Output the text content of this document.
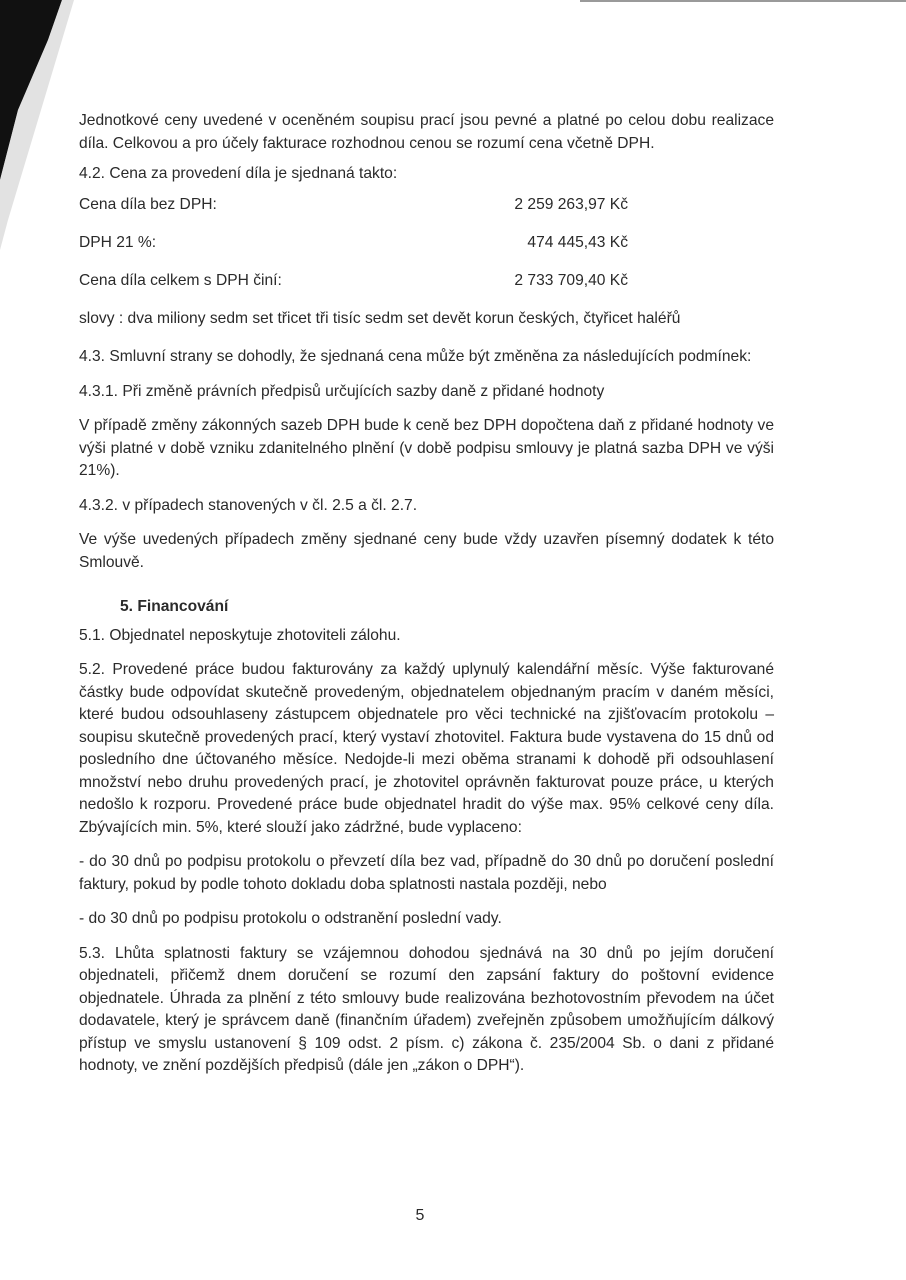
Jednotkové ceny uvedené v oceněném soupisu prací jsou pevné a platné po celou dobu realizace díla. Celkovou a pro účely fakturace rozhodnou cenou se rozumí cena včetně DPH.

4.2. Cena za provedení díla je sjednaná takto:

Cena díla bez DPH:	2 259 263,97 Kč
DPH 21 %:	474 445,43 Kč
Cena díla celkem s DPH činí:	2 733 709,40 Kč

slovy : dva miliony sedm set třicet tři tisíc sedm set devět korun českých, čtyřicet haléřů

4.3. Smluvní strany se dohodly, že sjednaná cena může být změněna za následujících podmínek:

4.3.1. Při změně právních předpisů určujících sazby daně z přidané hodnoty

V případě změny zákonných sazeb DPH bude k ceně bez DPH dopočtena daň z přidané hodnoty ve výši platné v době vzniku zdanitelného plnění (v době podpisu smlouvy je platná sazba DPH ve výši 21%).

4.3.2. v případech stanovených v čl. 2.5 a čl. 2.7.

Ve výše uvedených případech změny sjednané ceny bude vždy uzavřen písemný dodatek k této Smlouvě.

5. Financování

5.1. Objednatel neposkytuje zhotoviteli zálohu.

5.2. Provedené práce budou fakturovány za každý uplynulý kalendářní měsíc. Výše fakturované částky bude odpovídat skutečně provedeným, objednatelem objednaným pracím v daném měsíci, které budou odsouhlaseny zástupcem objednatele pro věci technické na zjišťovacím protokolu – soupisu skutečně provedených prací, který vystaví zhotovitel. Faktura bude vystavena do 15 dnů od posledního dne účtovaného měsíce. Nedojde-li mezi oběma stranami k dohodě při odsouhlasení množství nebo druhu provedených prací, je zhotovitel oprávněn fakturovat pouze práce, u kterých nedošlo k rozporu. Provedené práce bude objednatel hradit do výše max. 95% celkové ceny díla. Zbývajících min. 5%, které slouží jako zádržné, bude vyplaceno:

- do 30 dnů po podpisu protokolu o převzetí díla bez vad, případně do 30 dnů po doručení poslední faktury, pokud by podle tohoto dokladu doba splatnosti nastala později, nebo

- do 30 dnů po podpisu protokolu o odstranění poslední vady.

5.3. Lhůta splatnosti faktury se vzájemnou dohodou sjednává na 30 dnů po jejím doručení objednateli, přičemž dnem doručení se rozumí den zapsání faktury do poštovní evidence objednatele. Úhrada za plnění z této smlouvy bude realizována bezhotovostním převodem na účet dodavatele, který je správcem daně (finančním úřadem) zveřejněn způsobem umožňujícím dálkový přístup ve smyslu ustanovení § 109 odst. 2 písm. c) zákona č. 235/2004 Sb. o dani z přidané hodnoty, ve znění pozdějších předpisů (dále jen „zákon o DPH“).

5
